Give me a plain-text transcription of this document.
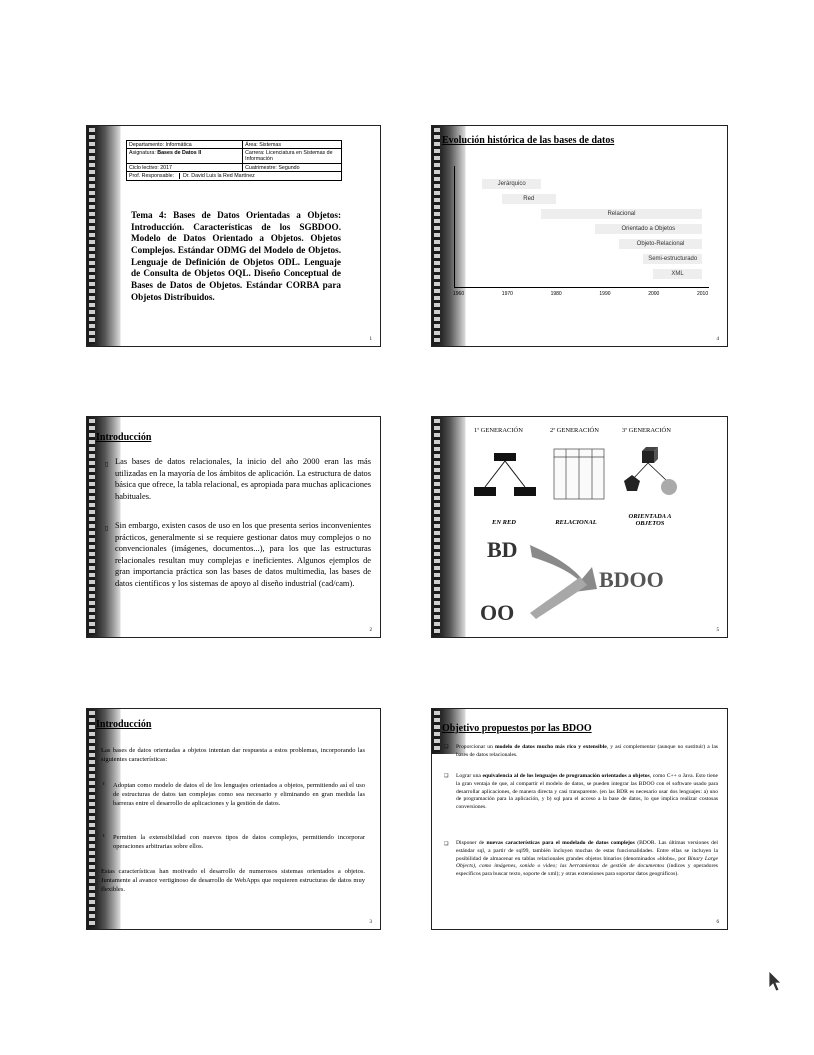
Departamento: Informática	Área: Sistemas
Asignatura: Bases de Datos II	Carrera: Licenciatura en Sistemas de Información
Ciclo lectivo: 2017	Cuatrimestre: Segundo
Prof. Responsable: Dr. David Luis la Red Martínez	
Tema 4: Bases de Datos Orientadas a Objetos: Introducción. Características de los SGBDOO. Modelo de Datos Orientado a Objetos. Objetos Complejos. Estándar ODMG del Modelo de Objetos. Lenguaje de Definición de Objetos ODL. Lenguaje de Consulta de Objetos OQL. Diseño Conceptual de Bases de Datos de Objetos. Estándar CORBA para Objetos Distribuidos.
1
Evolución histórica de las bases de datos
Jerárquico
Red
Relacional
Orientado a Objetos
Objeto-Relacional
Semi-estructurado
XML
1960	1970	1980	1990	2000	2010
4
Introducción
▯ Las bases de datos relacionales, la inicio del año 2000 eran las más utilizadas en la mayoría de los ámbitos de aplicación. La estructura de datos básica que ofrece, la tabla relacional, es apropiada para muchas aplicaciones habituales.
▯ Sin embargo, existen casos de uso en los que presenta serios inconvenientes prácticos, generalmente si se requiere gestionar datos muy complejos o no convencionales (imágenes, documentos...), para los que las estructuras relacionales resultan muy complejas e ineficientes. Algunos ejemplos de gran importancia práctica son las bases de datos multimedia, las bases de datos científicos y los sistemas de apoyo al diseño industrial (cad/cam).
2
1ª GENERACIÓN	2ª GENERACIÓN	3ª GENERACIÓN
EN RED	RELACIONAL
ORIENTADA A OBJETOS
BD
OO
BDOO
5
Introducción
Las bases de datos orientadas a objetos intentan dar respuesta a estos problemas, incorporando las siguientes características:
ɪ Adoptan como modelo de datos el de los lenguajes orientados a objetos, permitiendo así el uso de estructuras de datos tan complejas como sea necesario y eliminando en gran medida las barreras entre el desarrollo de aplicaciones y la gestión de datos.
ɪ Permiten la extensibilidad con nuevos tipos de datos complejos, permitiendo incorporar operaciones arbitrarias sobre ellos.
Estas características han motivado el desarrollo de numerosos sistemas orientados a objetos. Juntamente al avance vertiginoso de desarrollo de WebApps que requieren estructuras de datos muy flexibles.
3
Objetivo propuestos por las BDOO
❑ Proporcionar un modelo de datos mucho más rico y extensible, y así complementar (aunque no sustituir) a las bases de datos relacionales.
❑ Lograr una equivalencia al de los lenguajes de programación orientados a objetos, como C++ o Java. Esto tiene la gran ventaja de que, al compartir el modelo de datos, se pueden integrar las BDOO con el software usado para desarrollar aplicaciones, de manera directa y casi transparente. (en las BDR es necesario usar dos lenguajes: a) uno de programación para la aplicación, y b) sql para el acceso a la base de datos, lo que implica realizar costosas conversiones.
❑ Disponer de nuevas características para el modelado de datos complejos (BDOR. Las últimas versiones del estándar sql, a partir de sql99, también incluyen muchas de estas funcionalidades. Entre ellas se incluyen la posibilidad de almacenar en tablas relacionales grandes objetos binarios (denominados «blobs», por Binary Large Objects), como imágenes, sonido o video; las herramientas de gestión de documentos (índices y operadores específicos para buscar texto, soporte de xml); y otras extensiones para soportar datos geográficos).
6
